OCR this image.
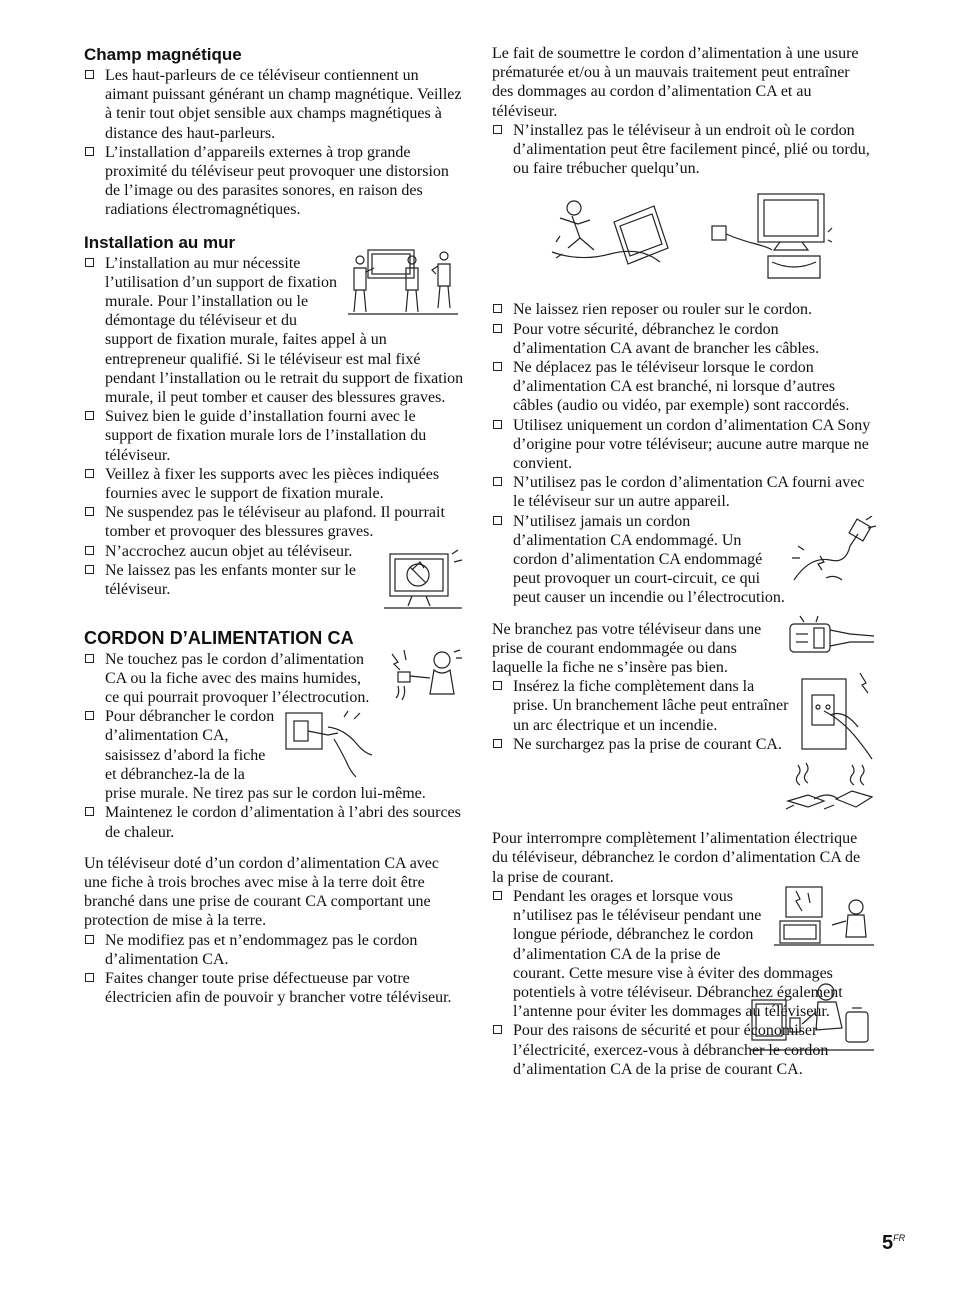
Champ magnétique

Les haut-parleurs de ce téléviseur contiennent un aimant puissant générant un champ magnétique. Veillez à tenir tout objet sensible aux champs magnétiques à distance des haut-parleurs.

L’installation d’appareils externes à trop grande proximité du téléviseur peut provoquer une distorsion de l’image ou des parasites sonores, en raison des radiations électromagnétiques.

Installation au mur

L’installation au mur nécessite l’utilisation d’un support de fixation murale. Pour l’installation ou le démontage du téléviseur et du support de fixation murale, faites appel à un entrepreneur qualifié. Si le téléviseur est mal fixé pendant l’installation ou le retrait du support de fixation murale, il peut tomber et causer des blessures graves.

Suivez bien le guide d’installation fourni avec le support de fixation murale lors de l’installation du téléviseur.

Veillez à fixer les supports avec les pièces indiquées fournies avec le support de fixation murale.

Ne suspendez pas le téléviseur au plafond. Il pourrait tomber et provoquer des blessures graves.

N’accrochez aucun objet au téléviseur.

Ne laissez pas les enfants monter sur le téléviseur.

CORDON D’ALIMENTATION CA

Ne touchez pas le cordon d’alimentation CA ou la fiche avec des mains humides, ce qui pourrait provoquer l’électrocution.

Pour débrancher le cordon d’alimentation CA, saisissez d’abord la fiche et débranchez-la de la prise murale. Ne tirez pas sur le cordon lui-même.

Maintenez le cordon d’alimentation à l’abri des sources de chaleur.

Un téléviseur doté d’un cordon d’alimentation CA avec une fiche à trois broches avec mise à la terre doit être branché dans une prise de courant CA comportant une protection de mise à la terre.

Ne modifiez pas et n’endommagez pas le cordon d’alimentation CA.

Faites changer toute prise défectueuse par votre électricien afin de pouvoir y brancher votre téléviseur.

Le fait de soumettre le cordon d’alimentation à une usure prématurée et/ou à un mauvais traitement peut entraîner des dommages au cordon d’alimentation CA et au téléviseur.

N’installez pas le téléviseur à un endroit où le cordon d’alimentation peut être facilement pincé, plié ou tordu, ou faire trébucher quelqu’un.

Ne laissez rien reposer ou rouler sur le cordon.

Pour votre sécurité, débranchez le cordon d’alimentation CA avant de brancher les câbles.

Ne déplacez pas le téléviseur lorsque le cordon d’alimentation CA est branché, ni lorsque d’autres câbles (audio ou vidéo, par exemple) sont raccordés.

Utilisez uniquement un cordon d’alimentation CA Sony d’origine pour votre téléviseur; aucune autre marque ne convient.

N’utilisez pas le cordon d’alimentation CA fourni avec le téléviseur sur un autre appareil.

N’utilisez jamais un cordon d’alimentation CA endommagé. Un cordon d’alimentation CA endommagé peut provoquer un court-circuit, ce qui peut causer un incendie ou l’électrocution.

Ne branchez pas votre téléviseur dans une prise de courant endommagée ou dans laquelle la fiche ne s’insère pas bien.

Insérez la fiche complètement dans la prise. Un branchement lâche peut entraîner un arc électrique et un incendie.

Ne surchargez pas la prise de courant CA.

Pour interrompre complètement l’alimentation électrique du téléviseur, débranchez le cordon d’alimentation CA de la prise de courant.

Pendant les orages et lorsque vous n’utilisez pas le téléviseur pendant une longue période, débranchez le cordon d’alimentation CA de la prise de courant. Cette mesure vise à éviter des dommages potentiels à votre téléviseur. Débranchez également l’antenne pour éviter les dommages au téléviseur.

Pour des raisons de sécurité et pour économiser l’électricité, exercez-vous à débrancher le cordon d’alimentation CA de la prise de courant CA.

$5^{FR}$
